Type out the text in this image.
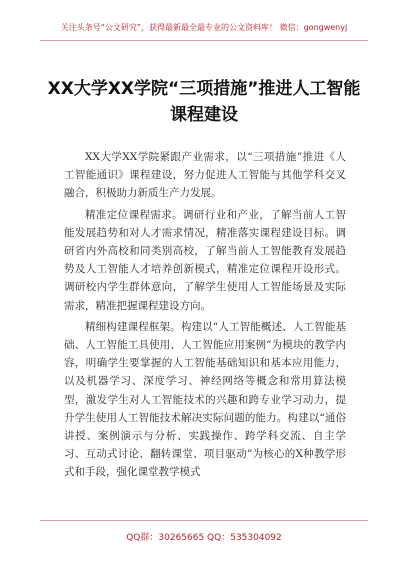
关注头条号“公文研究”，获得最新最全最专业的公文资料库！ 微信：gongwenyj
XX大学XX学院“三项措施”推进人工智能课程建设

XX大学XX学院紧跟产业需求，以“三项措施”推进《人工智能通识》课程建设，努力促进人工智能与其他学科交叉融合，积极助力新质生产力发展。

精准定位课程需求。调研行业和产业，了解当前人工智能发展趋势和对人才需求情况，精准落实课程建设目标。调研省内外高校和同类别高校，了解当前人工智能教育发展趋势及人工智能人才培养创新模式，精准定位课程开设形式。调研校内学生群体意向，了解学生使用人工智能场景及实际需求，精准把握课程建设方向。

精细构建课程框架。构建以“人工智能概述、人工智能基础、人工智能工具使用、人工智能应用案例”为模块的教学内容，明确学生要掌握的人工智能基础知识和基本应用能力，以及机器学习、深度学习、神经网络等概念和常用算法模型，激发学生对人工智能技术的兴趣和跨专业学习动力，提升学生使用人工智能技术解决实际问题的能力。构建以“通俗讲授、案例演示与分析、实践操作、跨学科交流、自主学习、互动式讨论、翻转课堂、项目驱动”为核心的X种教学形式和手段，强化课堂教学模式

QQ群：30265665 QQ：535304092
